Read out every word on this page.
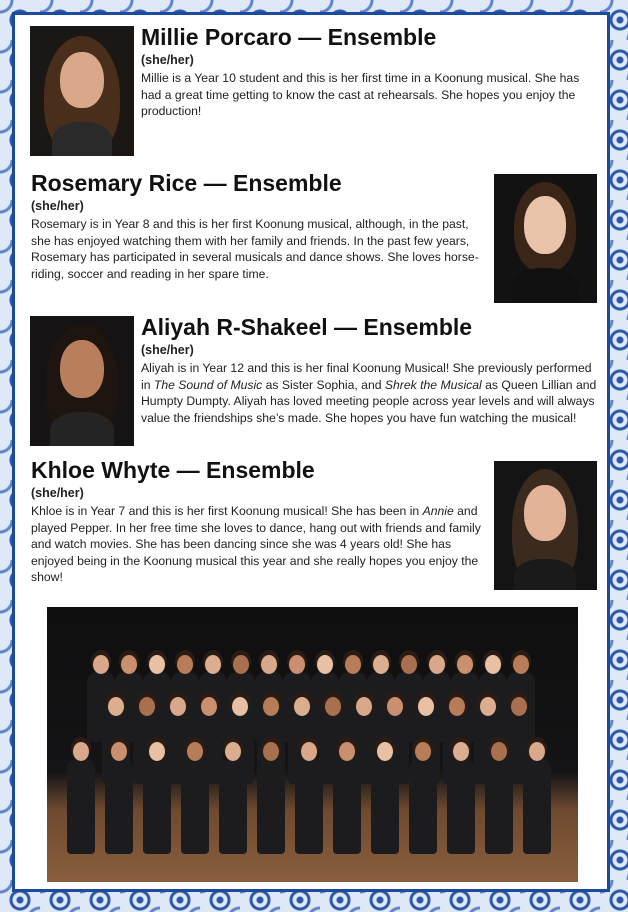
Millie Porcaro — Ensemble
(she/her)

Millie is a Year 10 student and this is her first time in a Koonung musical. She has had a great time getting to know the cast at rehearsals. She hopes you enjoy the production!

Rosemary Rice — Ensemble
(she/her)

Rosemary is in Year 8 and this is her first Koonung musical, although, in the past, she has enjoyed watching them with her family and friends. In the past few years, Rosemary has participated in several musicals and dance shows. She loves horse-riding, soccer and reading in her spare time.

Aliyah R-Shakeel — Ensemble
(she/her)

Aliyah is in Year 12 and this is her final Koonung Musical! She previously performed in The Sound of Music as Sister Sophia, and Shrek the Musical as Queen Lillian and Humpty Dumpty. Aliyah has loved meeting people across year levels and will always value the friendships she’s made. She hopes you have fun watching the musical!

Khloe Whyte — Ensemble
(she/her)

Khloe is in Year 7 and this is her first Koonung musical! She has been in Annie and played Pepper. In her free time she loves to dance, hang out with friends and family and watch movies. She has been dancing since she was 4 years old! She has enjoyed being in the Koonung musical this year and she really hopes you enjoy the show!
